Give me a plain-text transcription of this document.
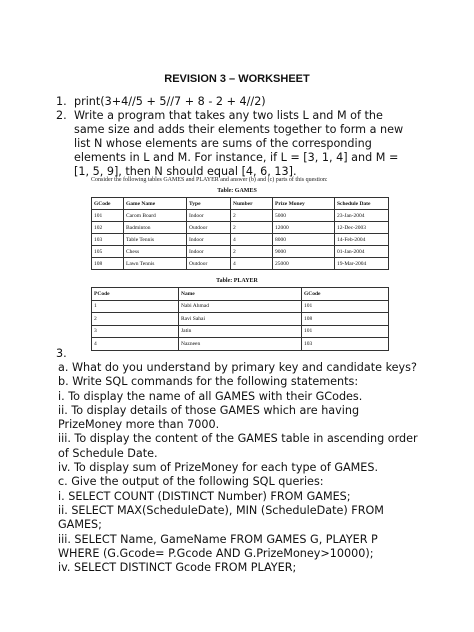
REVISION 3 – WORKSHEET
1. print(3+4//5 + 5//7 + 8 - 2 + 4//2)
2. Write a program that takes any two lists L and M of the same size and adds their elements together to form a new list N whose elements are sums of the corresponding elements in L and M. For instance, if L = [3, 1, 4] and M = [1, 5, 9], then N should equal [4, 6, 13].
Consider the following tables GAMES and PLAYER and answer (b) and (c) parts of this question:
Table: GAMES
GCode	Game Name	Type	Number	Prize Money	Schedule Date
101	Carom Board	Indoor	2	5000	23-Jan-2004
102	Badminton	Outdoor	2	12000	12-Dec-2003
103	Table Tennis	Indoor	4	8000	14-Feb-2004
105	Chess	Indoor	2	9000	01-Jan-2004
108	Lawn Tennis	Outdoor	4	25000	19-Mar-2004
Table: PLAYER
PCode	Name	GCode
1	Nabi Ahmad	101
2	Ravi Sahai	108
3	Jatin	101
4	Nazneen	103
3.
a. What do you understand by primary key and candidate keys?
b. Write SQL commands for the following statements:
i. To display the name of all GAMES with their GCodes.
ii. To display details of those GAMES which are having
PrizeMoney more than 7000.
iii. To display the content of the GAMES table in ascending order
of Schedule Date.
iv. To display sum of PrizeMoney for each type of GAMES.
c. Give the output of the following SQL queries:
i. SELECT COUNT (DISTINCT Number) FROM GAMES;
ii. SELECT MAX(ScheduleDate), MIN (ScheduleDate) FROM
GAMES;
iii. SELECT Name, GameName FROM GAMES G, PLAYER P
WHERE (G.Gcode= P.Gcode AND G.PrizeMoney>10000);
iv. SELECT DISTINCT Gcode FROM PLAYER;
